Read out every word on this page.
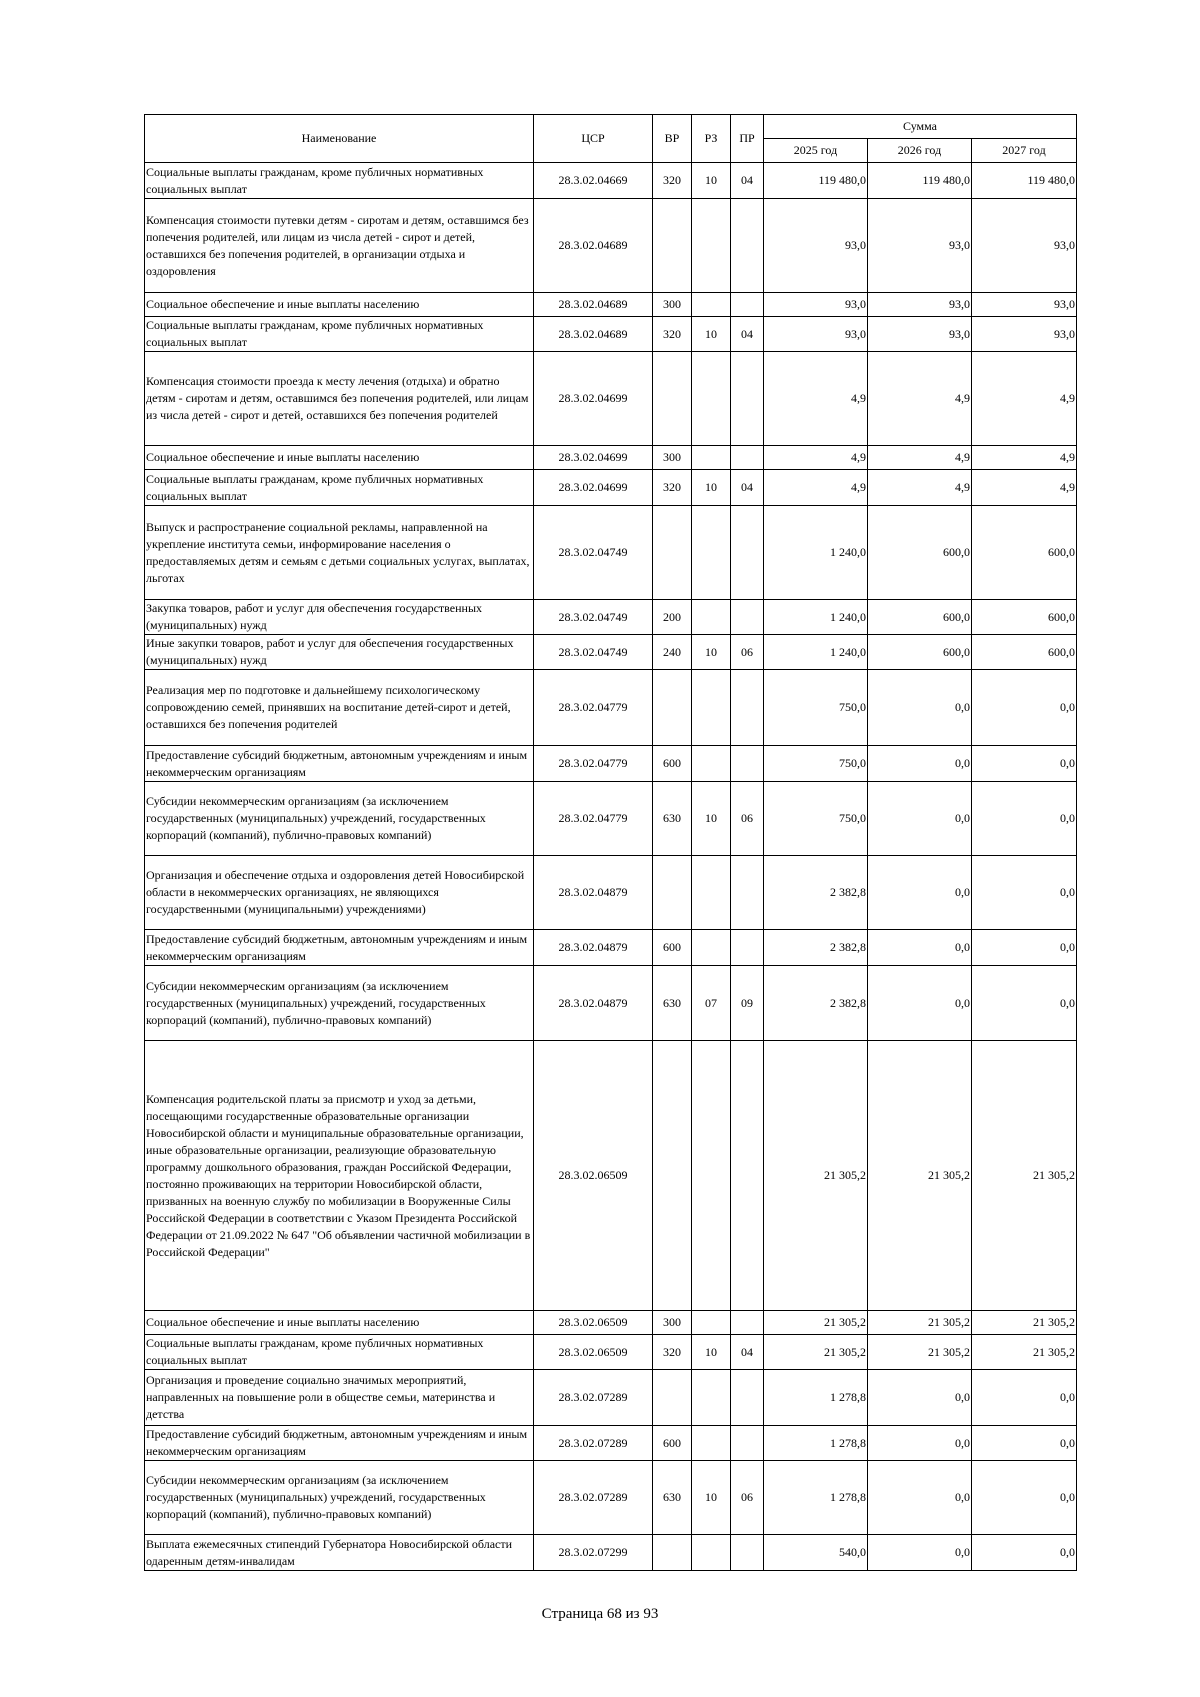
Наименование	ЦСР	ВР	РЗ	ПР	Сумма		
					2025 год	2026 год	2027 год
Социальные выплаты гражданам, кроме публичных нормативных социальных выплат	28.3.02.04669	320	10	04	119 480,0	119 480,0	119 480,0
Компенсация стоимости путевки детям - сиротам и детям, оставшимся без попечения родителей, или лицам из числа детей - сирот и детей, оставшихся без попечения родителей, в организации отдыха и оздоровления	28.3.02.04689				93,0	93,0	93,0
Социальное обеспечение и иные выплаты населению	28.3.02.04689	300			93,0	93,0	93,0
Социальные выплаты гражданам, кроме публичных нормативных социальных выплат	28.3.02.04689	320	10	04	93,0	93,0	93,0
Компенсация стоимости проезда к месту лечения (отдыха) и обратно детям - сиротам и детям, оставшимся без попечения родителей, или лицам из числа детей - сирот и детей, оставшихся без попечения родителей	28.3.02.04699				4,9	4,9	4,9
Социальное обеспечение и иные выплаты населению	28.3.02.04699	300			4,9	4,9	4,9
Социальные выплаты гражданам, кроме публичных нормативных социальных выплат	28.3.02.04699	320	10	04	4,9	4,9	4,9
Выпуск и распространение социальной рекламы, направленной на укрепление института семьи, информирование населения о предоставляемых детям и семьям с детьми социальных услугах, выплатах, льготах	28.3.02.04749				1 240,0	600,0	600,0
Закупка товаров, работ и услуг для обеспечения государственных (муниципальных) нужд	28.3.02.04749	200			1 240,0	600,0	600,0
Иные закупки товаров, работ и услуг для обеспечения государственных (муниципальных) нужд	28.3.02.04749	240	10	06	1 240,0	600,0	600,0
Реализация мер по подготовке и дальнейшему психологическому сопровождению семей, принявших на воспитание детей-сирот и детей, оставшихся без попечения родителей	28.3.02.04779				750,0	0,0	0,0
Предоставление субсидий бюджетным, автономным учреждениям и иным некоммерческим организациям	28.3.02.04779	600			750,0	0,0	0,0
Субсидии некоммерческим организациям (за исключением государственных (муниципальных) учреждений, государственных корпораций (компаний), публично-правовых компаний)	28.3.02.04779	630	10	06	750,0	0,0	0,0
Организация и обеспечение отдыха и оздоровления детей Новосибирской области в некоммерческих организациях, не являющихся государственными (муниципальными) учреждениями)	28.3.02.04879				2 382,8	0,0	0,0
Предоставление субсидий бюджетным, автономным учреждениям и иным некоммерческим организациям	28.3.02.04879	600			2 382,8	0,0	0,0
Субсидии некоммерческим организациям (за исключением государственных (муниципальных) учреждений, государственных корпораций (компаний), публично-правовых компаний)	28.3.02.04879	630	07	09	2 382,8	0,0	0,0
Компенсация родительской платы за присмотр и уход за детьми, посещающими государственные образовательные организации Новосибирской области и муниципальные образовательные организации, иные образовательные организации, реализующие образовательную программу дошкольного образования, граждан Российской Федерации, постоянно проживающих на территории Новосибирской области, призванных на военную службу по мобилизации в Вооруженные Силы Российской Федерации в соответствии с Указом Президента Российской Федерации от 21.09.2022 № 647 "Об объявлении частичной мобилизации в Российской Федерации"	28.3.02.06509				21 305,2	21 305,2	21 305,2
Социальное обеспечение и иные выплаты населению	28.3.02.06509	300			21 305,2	21 305,2	21 305,2
Социальные выплаты гражданам, кроме публичных нормативных социальных выплат	28.3.02.06509	320	10	04	21 305,2	21 305,2	21 305,2
Организация и проведение социально значимых мероприятий, направленных на повышение роли в обществе семьи, материнства и детства	28.3.02.07289				1 278,8	0,0	0,0
Предоставление субсидий бюджетным, автономным учреждениям и иным некоммерческим организациям	28.3.02.07289	600			1 278,8	0,0	0,0
Субсидии некоммерческим организациям (за исключением государственных (муниципальных) учреждений, государственных корпораций (компаний), публично-правовых компаний)	28.3.02.07289	630	10	06	1 278,8	0,0	0,0
Выплата ежемесячных стипендий Губернатора Новосибирской области одаренным детям-инвалидам	28.3.02.07299				540,0	0,0	0,0
Страница 68 из 93
